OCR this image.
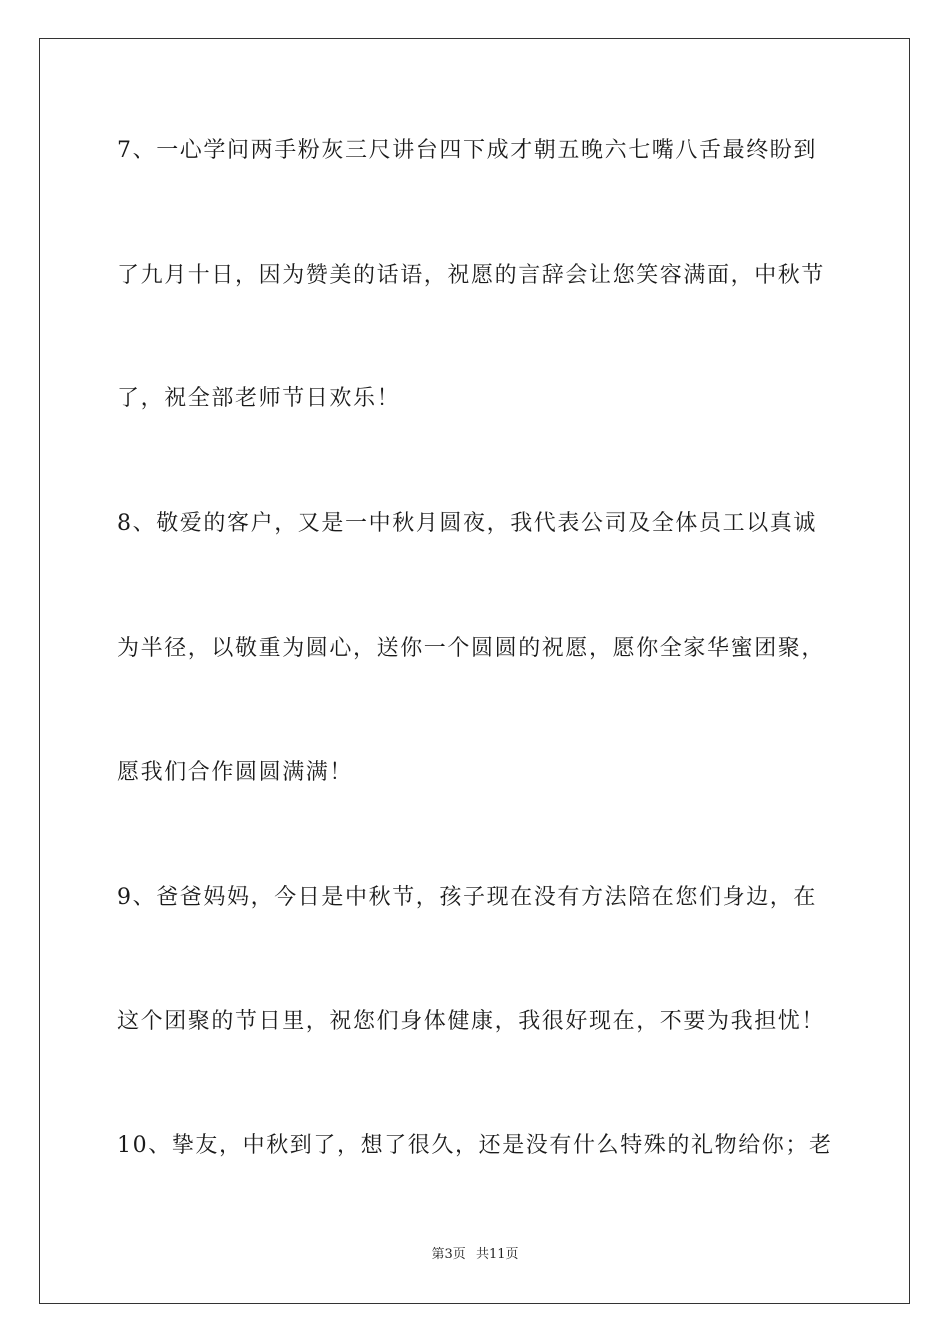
7、一心学问两手粉灰三尺讲台四下成才朝五晚六七嘴八舌最终盼到
了九月十日，因为赞美的话语，祝愿的言辞会让您笑容满面，中秋节
了，祝全部老师节日欢乐！
8、敬爱的客户，又是一中秋月圆夜，我代表公司及全体员工以真诚
为半径，以敬重为圆心，送你一个圆圆的祝愿，愿你全家华蜜团聚，
愿我们合作圆圆满满！
9、爸爸妈妈，今日是中秋节，孩子现在没有方法陪在您们身边，在
这个团聚的节日里，祝您们身体健康，我很好现在，不要为我担忧！
10、挚友，中秋到了，想了很久，还是没有什么特殊的礼物给你；老
第3页 共11页
